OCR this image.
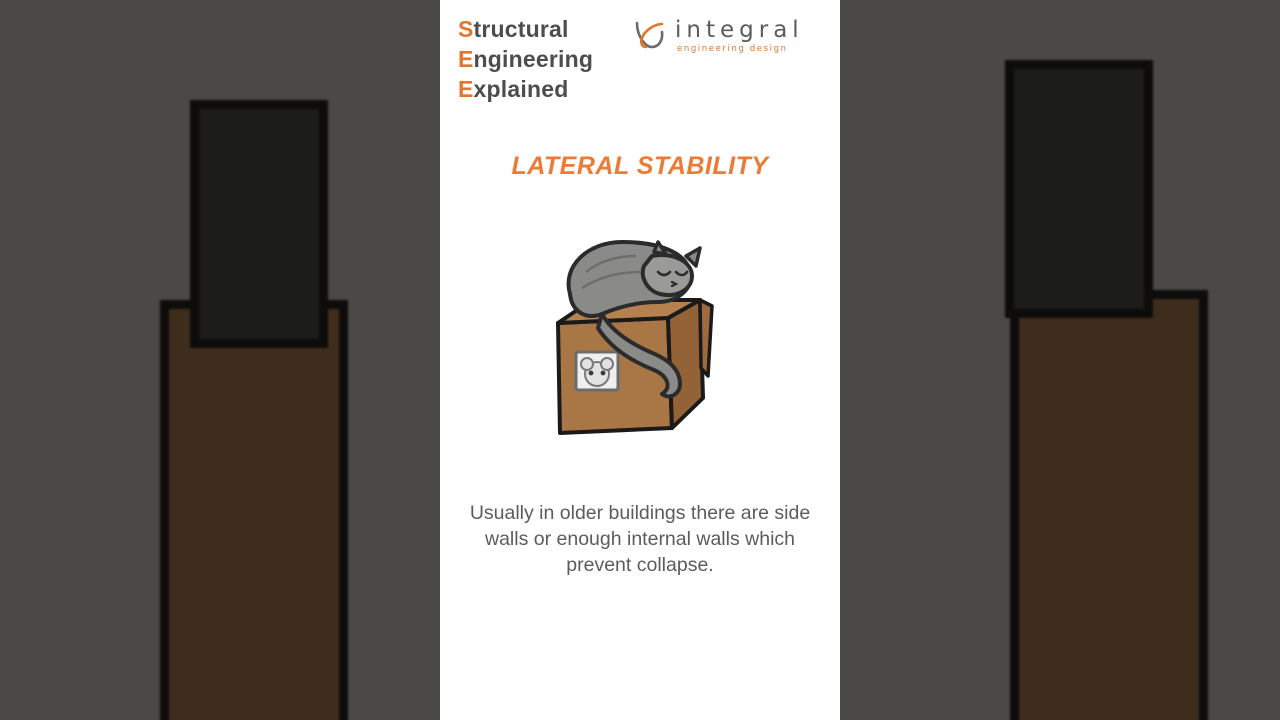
Structural
Engineering
Explained
integral
engineering design
LATERAL STABILITY
Usually in older buildings there are side walls or enough internal walls which prevent collapse.
